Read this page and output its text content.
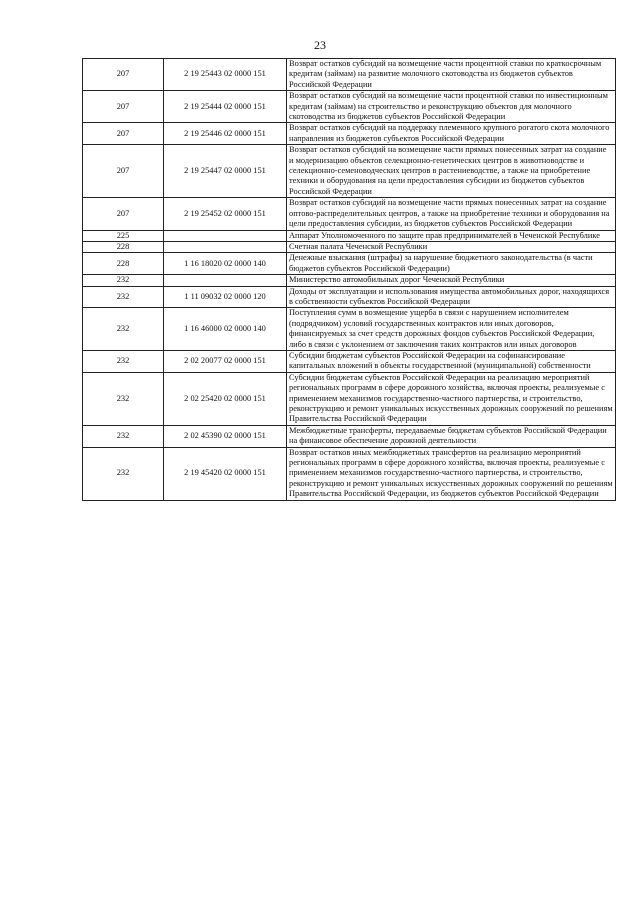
23
207	2 19 25443 02 0000 151	Возврат остатков субсидий на возмещение части процентной ставки по краткосрочным кредитам (займам) на развитие молочного скотоводства из бюджетов субъектов Российской Федерации
207	2 19 25444 02 0000 151	Возврат остатков субсидий на возмещение части процентной ставки по инвестиционным кредитам (займам) на строительство и реконструкцию объектов для молочного скотоводства из бюджетов субъектов Российской Федерации
207	2 19 25446 02 0000 151	Возврат остатков субсидий на поддержку племенного крупного рогатого скота молочного направления из бюджетов субъектов Российской Федерации
207	2 19 25447 02 0000 151	Возврат остатков субсидий на возмещение части прямых понесенных затрат на создание и модернизацию объектов селекционно-генетических центров в животноводстве и селекционно-семеноводческих центров в растениеводстве, а также на приобретение техники и оборудования на цели предоставления субсидии из бюджетов субъектов Российской Федерации
207	2 19 25452 02 0000 151	Возврат остатков субсидий на возмещение части прямых понесенных затрат на создание оптово-распределительных центров, а также на приобретение техники и оборудования на цели предоставления субсидии, из бюджетов субъектов Российской Федерации
225		Аппарат Уполномоченного по защите прав предпринимателей в Чеченской Республике
228		Счетная палата Чеченской Республики
228	1 16 18020 02 0000 140	Денежные взыскания (штрафы) за нарушение бюджетного законодательства (в части бюджетов субъектов Российской Федерации)
232		Министерство автомобильных дорог Чеченской Республики
232	1 11 09032 02 0000 120	Доходы от эксплуатации и использования имущества автомобильных дорог, находящихся в собственности субъектов Российской Федерации
232	1 16 46000 02 0000 140	Поступления сумм в возмещение ущерба в связи с нарушением исполнителем (подрядчиком) условий государственных контрактов или иных договоров, финансируемых за счет средств дорожных фондов субъектов Российской Федерации, либо в связи с уклонением от заключения таких контрактов или иных договоров
232	2 02 20077 02 0000 151	Субсидии бюджетам субъектов Российской Федерации на софинансирование капитальных вложений в объекты государственной (муниципальной) собственности
232	2 02 25420 02 0000 151	Субсидии бюджетам субъектов Российской Федерации на реализацию мероприятий региональных программ в сфере дорожного хозяйства, включая проекты, реализуемые с применением механизмов государственно-частного партнерства, и строительство, реконструкцию и ремонт уникальных искусственных дорожных сооружений по решениям Правительства Российской Федерации
232	2 02 45390 02 0000 151	Межбюджетные трансферты, передаваемые бюджетам субъектов Российской Федерации на финансовое обеспечение дорожной деятельности
232	2 19 45420 02 0000 151	Возврат остатков иных межбюджетных трансфертов на реализацию мероприятий региональных программ в сфере дорожного хозяйства, включая проекты, реализуемые с применением механизмов государственно-частного партнерства, и строительство, реконструкцию и ремонт уникальных искусственных дорожных сооружений по решениям Правительства Российской Федерации, из бюджетов субъектов Российской Федерации
